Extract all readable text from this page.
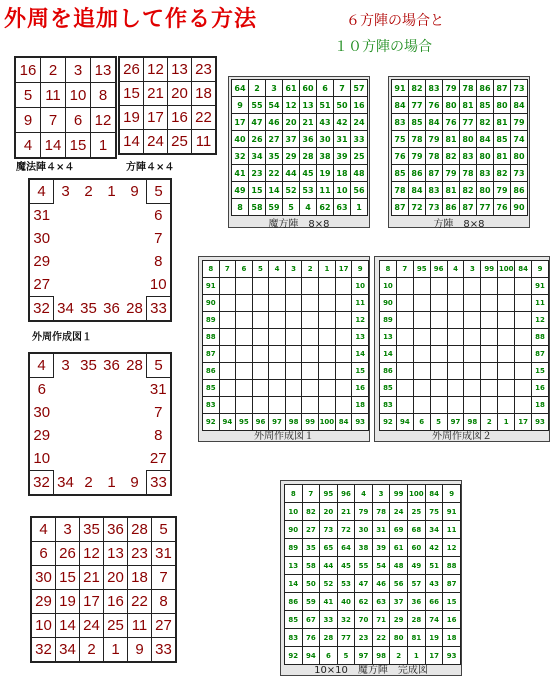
外周を追加して作る方法	６方陣の場合と
１０方陣の場合
16	2	3	13
5	11	10	8
9	7	6	12
4	14	15	1
魔法陣４×４
26	12	13	23
15	21	20	18
19	17	16	22
14	24	25	11
方陣４×４
4	3	2	1	9	5
31					6
30					7
29					8
27					10
32	34	35	36	28	33
外周作成図１
4	3	35	36	28	5
6					31
30					7
29					8
10					27
32	34	2	1	9	33
4	3	35	36	28	5
6	26	12	13	23	31
30	15	21	20	18	7
29	19	17	16	22	8
10	14	24	25	11	27
32	34	2	1	9	33
64	2	3	61	60	6	7	57
9	55	54	12	13	51	50	16
17	47	46	20	21	43	42	24
40	26	27	37	36	30	31	33
32	34	35	29	28	38	39	25
41	23	22	44	45	19	18	48
49	15	14	52	53	11	10	56
8	58	59	5	4	62	63	1
魔方陣　8×8
91	82	83	79	78	86	87	73
84	77	76	80	81	85	80	84
83	85	84	76	77	82	81	79
75	78	79	81	80	84	85	74
76	79	78	82	83	80	81	80
85	86	87	79	78	83	82	73
78	84	83	81	82	80	79	86
87	72	73	86	87	77	76	90
方陣　8×8
8	7	6	5	4	3	2	1	17	9
91									10
90									11
89									12
88									13
87									14
86									15
85									16
83									18
92	94	95	96	97	98	99	100	84	93
外周作成図１
8	7	95	96	4	3	99	100	84	9
10									91
90									11
89									12
13									88
14									87
86									15
85									16
83									18
92	94	6	5	97	98	2	1	17	93
外周作成図２
8	7	95	96	4	3	99	100	84	9
10	82	20	21	79	78	24	25	75	91
90	27	73	72	30	31	69	68	34	11
89	35	65	64	38	39	61	60	42	12
13	58	44	45	55	54	48	49	51	88
14	50	52	53	47	46	56	57	43	87
86	59	41	40	62	63	37	36	66	15
85	67	33	32	70	71	29	28	74	16
83	76	28	77	23	22	80	81	19	18
92	94	6	5	97	98	2	1	17	93
10×10　魔方陣　完成図
